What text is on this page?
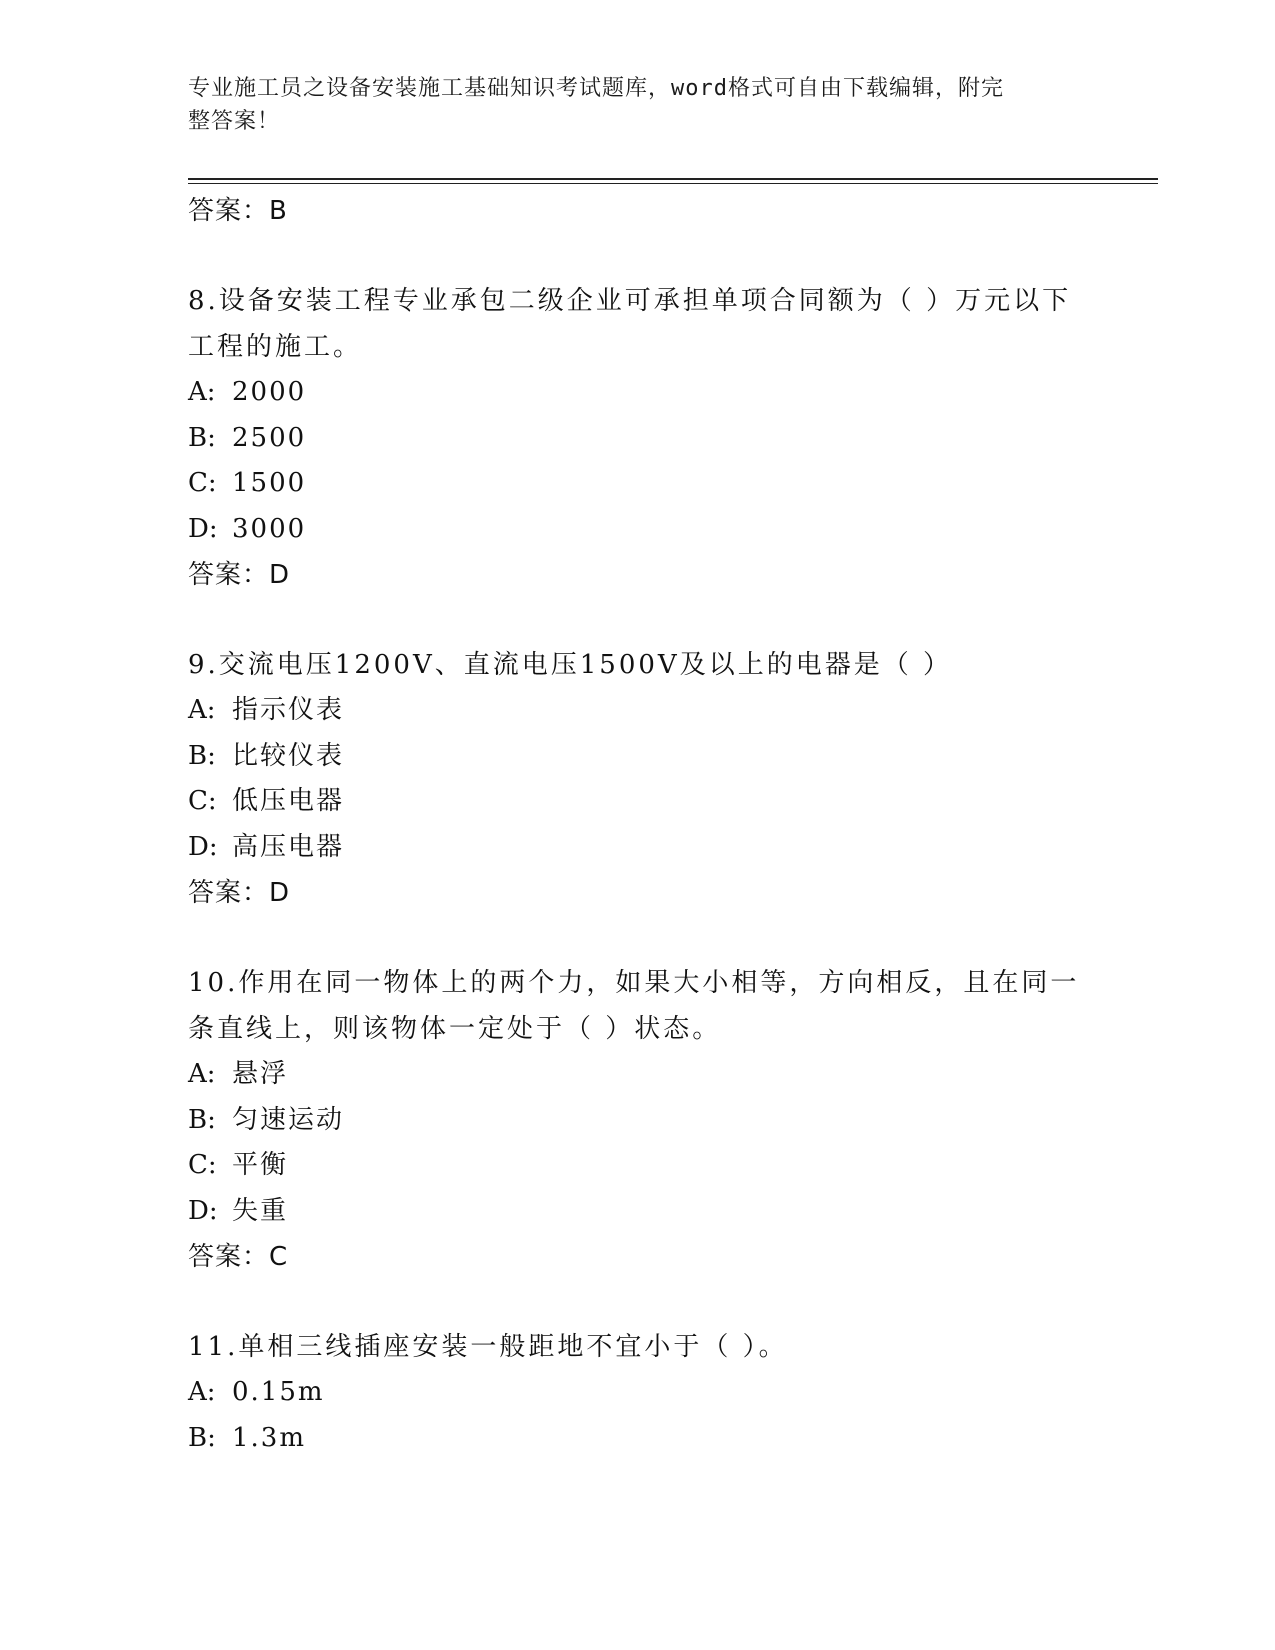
专业施工员之设备安装施工基础知识考试题库，word格式可自由下载编辑，附完
整答案！
答案：B
8.设备安装工程专业承包二级企业可承担单项合同额为（ ）万元以下
工程的施工。
A: 2000
B: 2500
C: 1500
D: 3000
答案：D
9.交流电压1200V、直流电压1500V及以上的电器是（ ）
A: 指示仪表
B: 比较仪表
C: 低压电器
D: 高压电器
答案：D
10.作用在同一物体上的两个力，如果大小相等，方向相反，且在同一
条直线上，则该物体一定处于（ ）状态。
A: 悬浮
B: 匀速运动
C: 平衡
D: 失重
答案：C
11.单相三线插座安装一般距地不宜小于（ ）。
A: 0.15m
B: 1.3m
